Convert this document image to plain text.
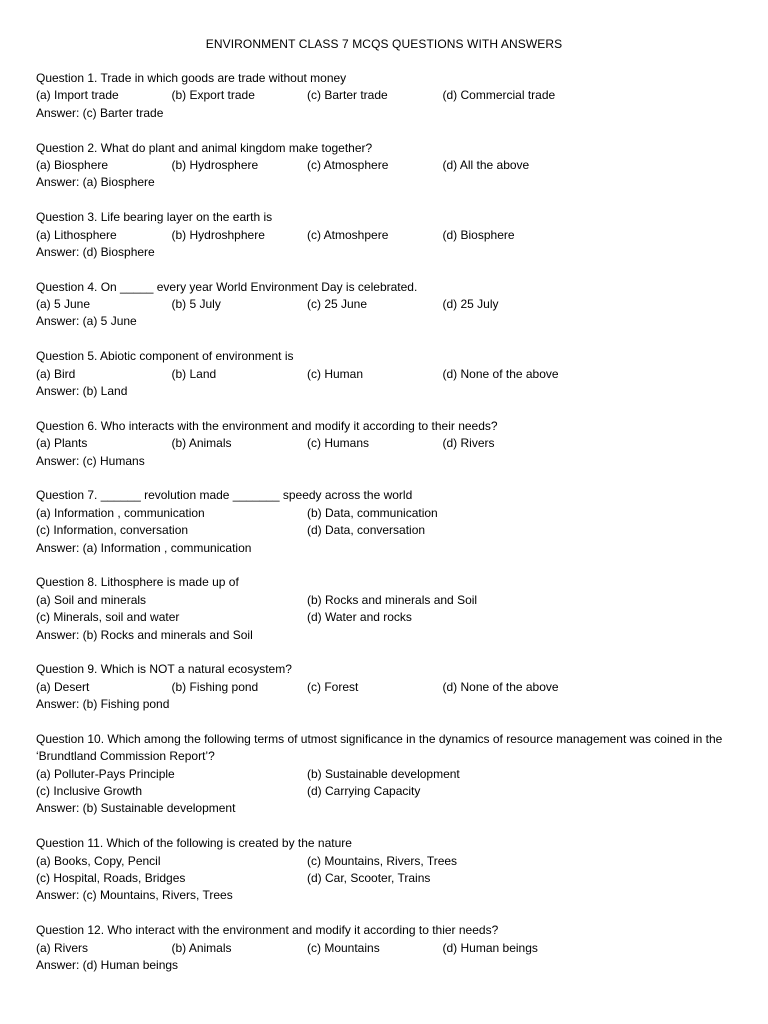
ENVIRONMENT CLASS 7 MCQS QUESTIONS WITH ANSWERS
Question 1. Trade in which goods are trade without money
(a) Import trade	(b) Export trade	(c) Barter trade	(d) Commercial trade
Answer: (c) Barter trade
Question 2. What do plant and animal kingdom make together?
(a) Biosphere	(b) Hydrosphere	(c) Atmosphere	(d) All the above
Answer: (a) Biosphere
Question 3. Life bearing layer on the earth is
(a) Lithosphere	(b) Hydroshphere	(c) Atmoshpere	(d) Biosphere
Answer: (d) Biosphere
Question 4. On _____ every year World Environment Day is celebrated.
(a) 5 June	(b) 5 July	(c) 25 June	(d) 25 July
Answer: (a) 5 June
Question 5. Abiotic component of environment is
(a) Bird	(b) Land	(c) Human	(d) None of the above
Answer: (b) Land
Question 6. Who interacts with the environment and modify it according to their needs?
(a) Plants	(b) Animals	(c) Humans	(d) Rivers
Answer: (c) Humans
Question 7. ______ revolution made _______ speedy across the world
(a) Information , communication	(b) Data, communication
(c) Information, conversation	(d) Data, conversation
Answer: (a) Information , communication
Question 8. Lithosphere is made up of
(a) Soil and minerals	(b) Rocks and minerals and Soil
(c) Minerals, soil and water	(d) Water and rocks
Answer: (b) Rocks and minerals and Soil
Question 9. Which is NOT a natural ecosystem?
(a) Desert	(b) Fishing pond	(c) Forest	(d) None of the above
Answer: (b) Fishing pond
Question 10. Which among the following terms of utmost significance in the dynamics of resource management was coined in the ‘Brundtland Commission Report’?
(a) Polluter-Pays Principle	(b) Sustainable development
(c) Inclusive Growth	(d) Carrying Capacity
Answer: (b) Sustainable development
Question 11. Which of the following is created by the nature
(a) Books, Copy, Pencil	(c) Mountains, Rivers, Trees
(c) Hospital, Roads, Bridges	(d) Car, Scooter, Trains
Answer: (c) Mountains, Rivers, Trees
Question 12. Who interact with the environment and modify it according to thier needs?
(a) Rivers	(b) Animals	(c) Mountains	(d) Human beings
Answer: (d) Human beings
